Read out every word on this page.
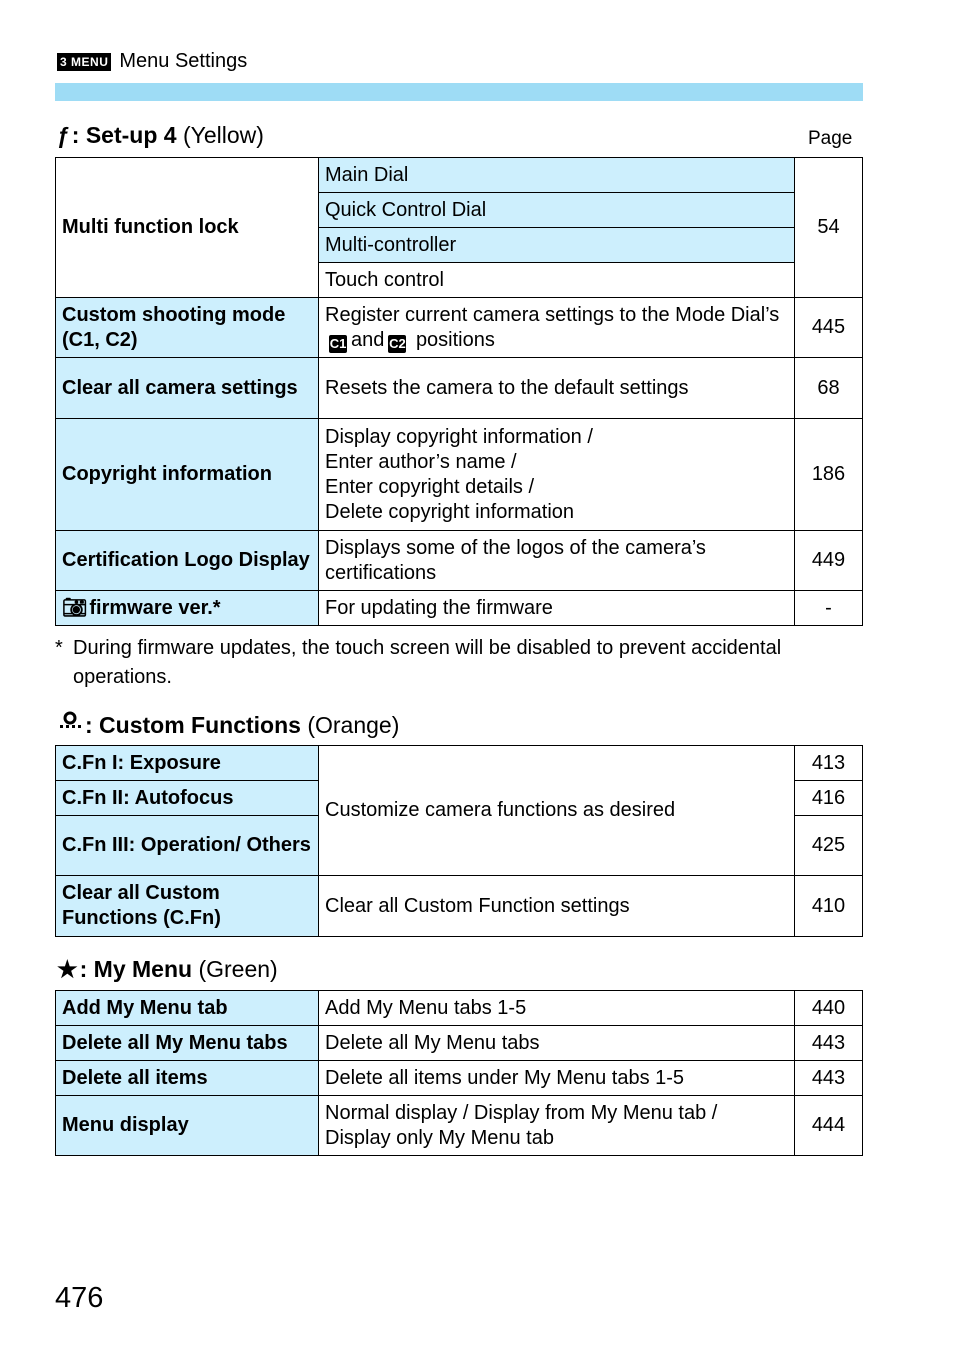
3 MENU Menu Settings
ƒ : Set-up 4
(Yellow)	Page
Multi function lock	Main Dial	54
	Quick Control Dial	
	Multi-controller	
	Touch control	
Custom shooting mode (C1, C2)	Register current camera settings to the Mode Dial’s C1 and C2 positions	445
Clear all camera settings	Resets the camera to the default settings	68
Copyright information	Display copyright information /
Enter author’s name /
Enter copyright details /
Delete copyright information	186
Certification Logo Display	Displays some of the logos of the camera’s certifications	449
📷︎ firmware ver.*	For updating the firmware	-
* During firmware updates, the touch screen will be disabled to prevent accidental operations.
: Custom Functions
(Orange)
C.Fn I: Exposure	Customize camera functions as desired	413
C.Fn II: Autofocus		416
C.Fn III: Operation/ Others		425
Clear all Custom Functions (C.Fn)	Clear all Custom Function settings	410
★ : My Menu
(Green)
Add My Menu tab	Add My Menu tabs 1-5	440
Delete all My Menu tabs	Delete all My Menu tabs	443
Delete all items	Delete all items under My Menu tabs 1-5	443
Menu display	Normal display / Display from My Menu tab /
Display only My Menu tab	444
476
